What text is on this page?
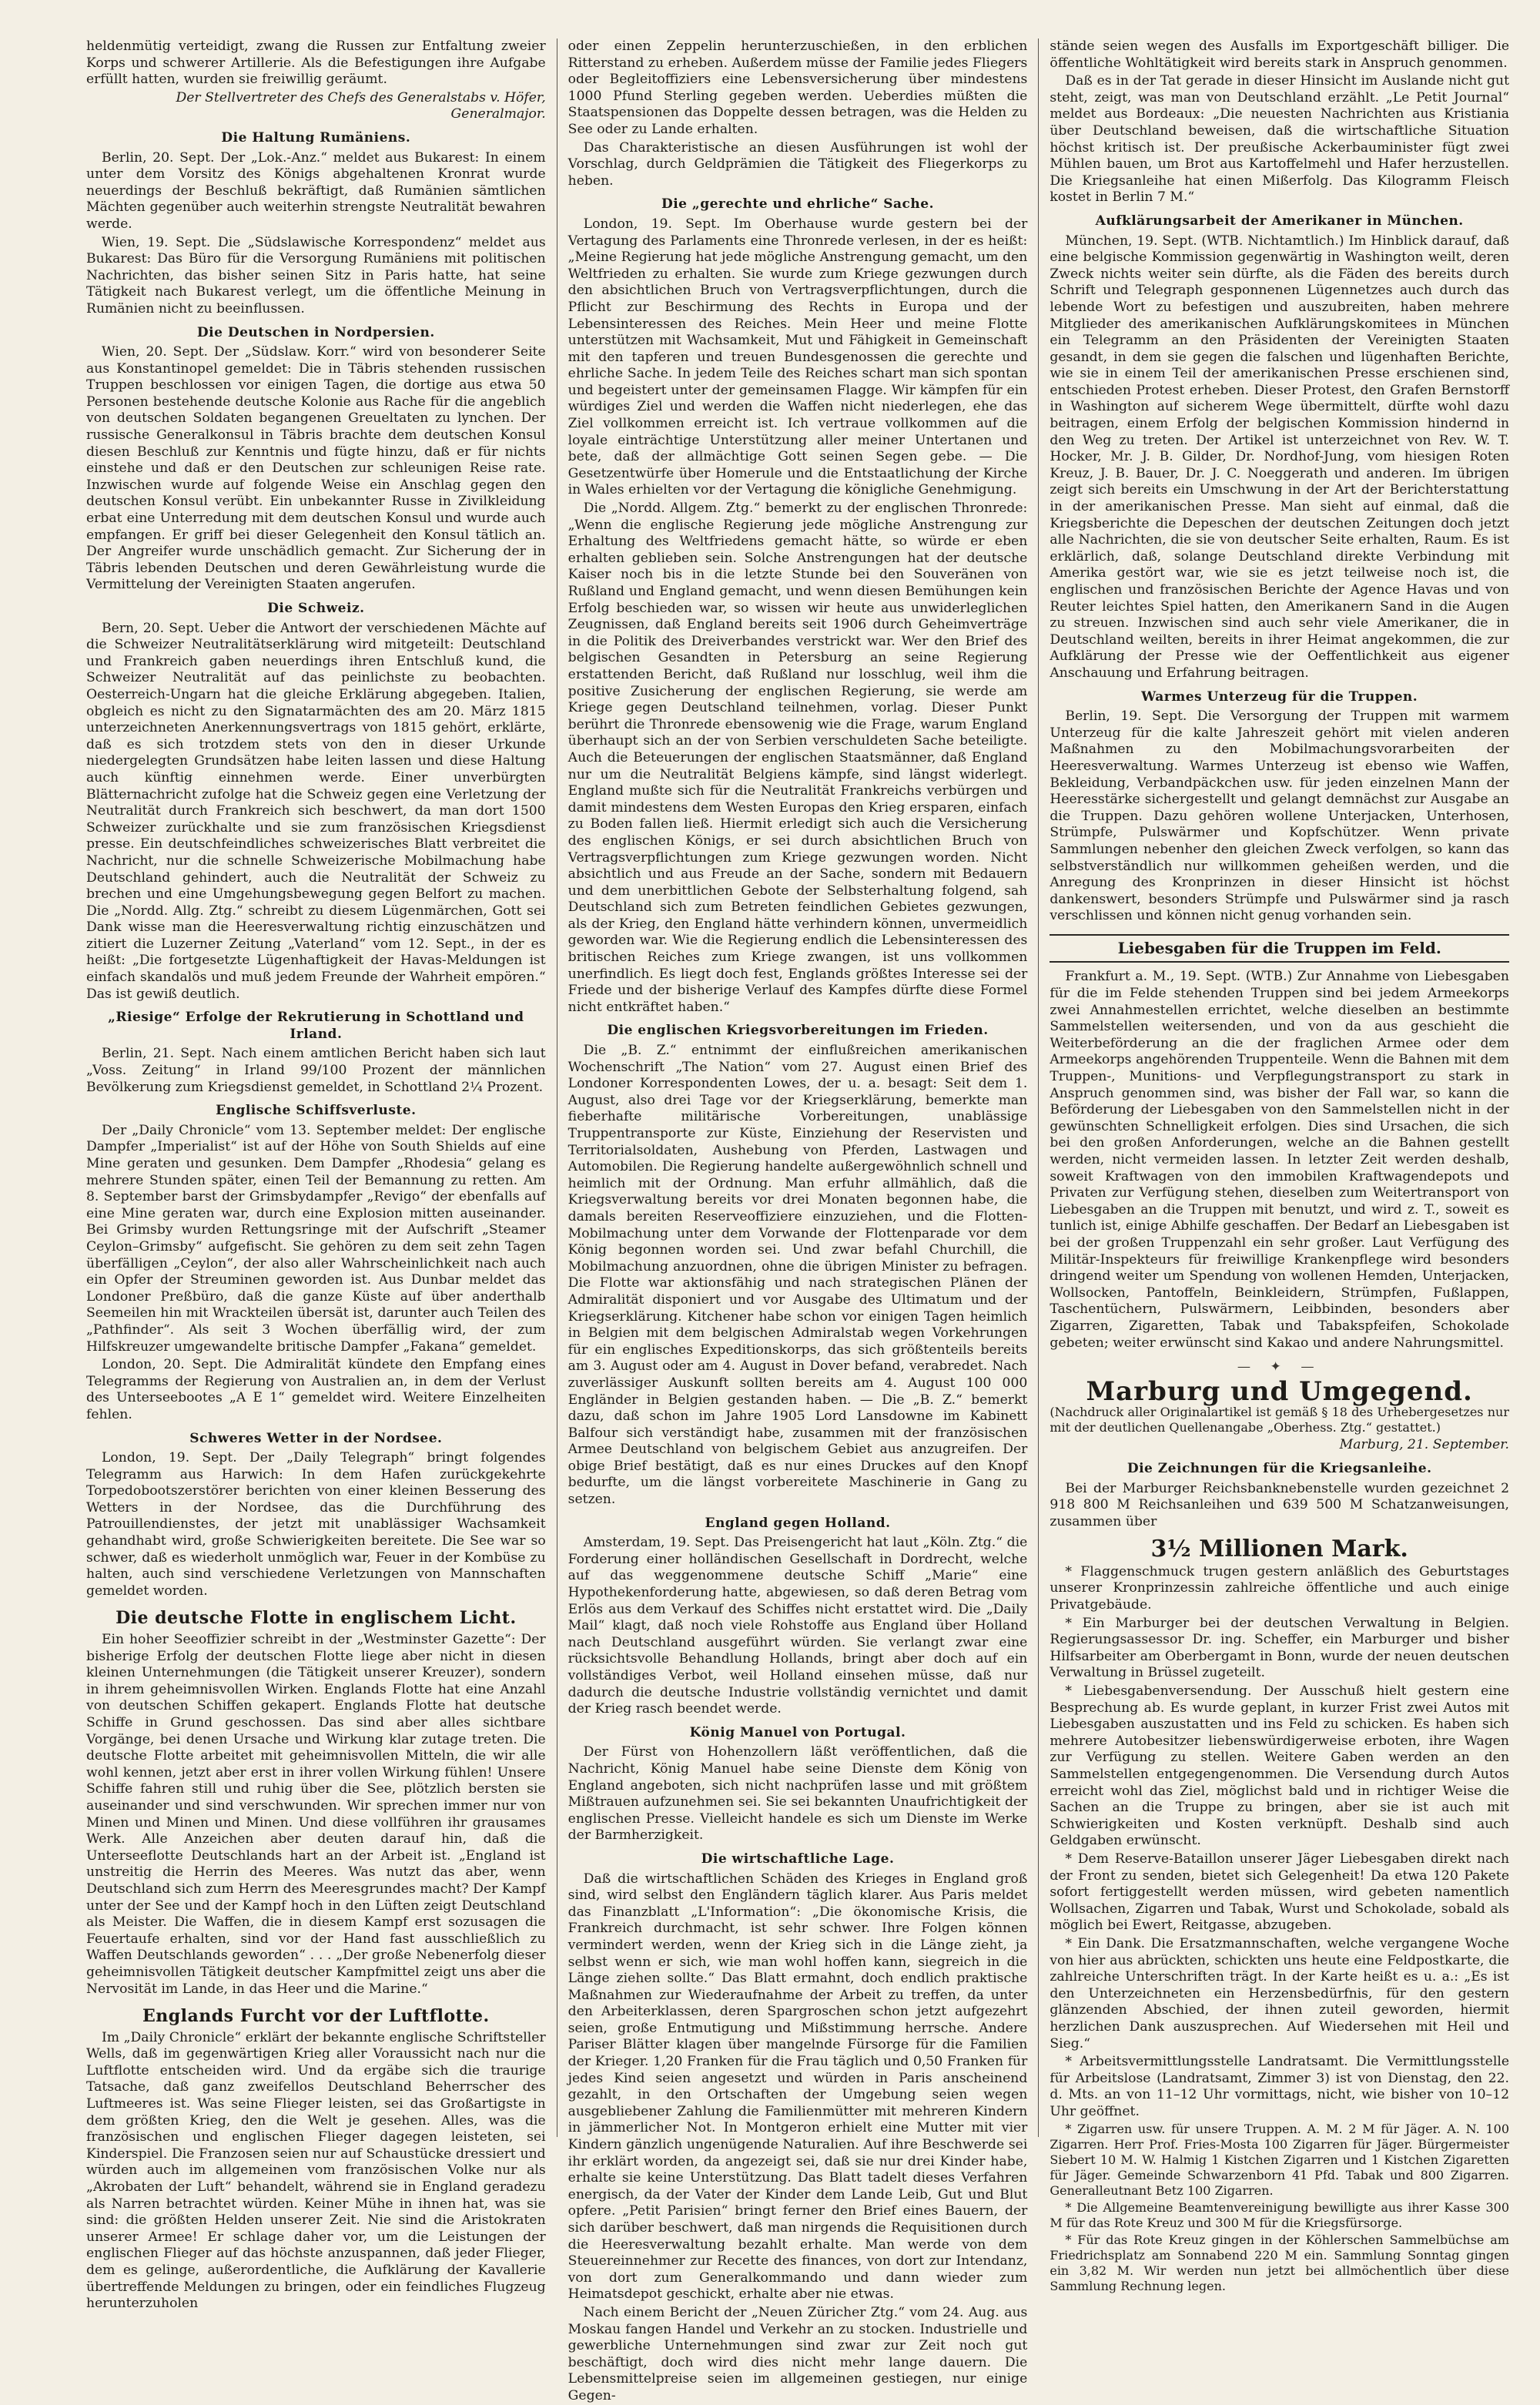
heldenmütig verteidigt, zwang die Russen zur Entfaltung zweier Korps und schwerer Artillerie. Als die Befestigungen ihre Aufgabe erfüllt hatten, wurden sie freiwillig geräumt.

Der Stellvertreter des Chefs des Generalstabs v. Höfer, Generalmajor.
Die Haltung Rumäniens.

Berlin, 20. Sept. Der „Lok.-Anz.“ meldet aus Bukarest: In einem unter dem Vorsitz des Königs abgehaltenen Kronrat wurde neuerdings der Beschluß bekräftigt, daß Rumänien sämtlichen Mächten gegenüber auch weiterhin strengste Neutralität bewahren werde.

Wien, 19. Sept. Die „Südslawische Korrespondenz“ meldet aus Bukarest: Das Büro für die Versorgung Rumäniens mit politischen Nachrichten, das bisher seinen Sitz in Paris hatte, hat seine Tätigkeit nach Bukarest verlegt, um die öffentliche Meinung in Rumänien nicht zu beeinflussen.

Die Deutschen in Nordpersien.

Wien, 20. Sept. Der „Südslaw. Korr.“ wird von besonderer Seite aus Konstantinopel gemeldet: Die in Täbris stehenden russischen Truppen beschlossen vor einigen Tagen, die dortige aus etwa 50 Personen bestehende deutsche Kolonie aus Rache für die angeblich von deutschen Soldaten begangenen Greueltaten zu lynchen. Der russische Generalkonsul in Täbris brachte dem deutschen Konsul diesen Beschluß zur Kenntnis und fügte hinzu, daß er für nichts einstehe und daß er den Deutschen zur schleunigen Reise rate. Inzwischen wurde auf folgende Weise ein Anschlag gegen den deutschen Konsul verübt. Ein unbekannter Russe in Zivilkleidung erbat eine Unterredung mit dem deutschen Konsul und wurde auch empfangen. Er griff bei dieser Gelegenheit den Konsul tätlich an. Der Angreifer wurde unschädlich gemacht. Zur Sicherung der in Täbris lebenden Deutschen und deren Gewährleistung wurde die Vermittelung der Vereinigten Staaten angerufen.

Die Schweiz.

Bern, 20. Sept. Ueber die Antwort der verschiedenen Mächte auf die Schweizer Neutralitätserklärung wird mitgeteilt: Deutschland und Frankreich gaben neuerdings ihren Entschluß kund, die Schweizer Neutralität auf das peinlichste zu beobachten. Oesterreich-Ungarn hat die gleiche Erklärung abgegeben. Italien, obgleich es nicht zu den Signatarmächten des am 20. März 1815 unterzeichneten Anerkennungsvertrags von 1815 gehört, erklärte, daß es sich trotzdem stets von den in dieser Urkunde niedergelegten Grundsätzen habe leiten lassen und diese Haltung auch künftig einnehmen werde. Einer unverbürgten Blätternachricht zufolge hat die Schweiz gegen eine Verletzung der Neutralität durch Frankreich sich beschwert, da man dort 1500 Schweizer zurückhalte und sie zum französischen Kriegsdienst presse. Ein deutschfeindliches schweizerisches Blatt verbreitet die Nachricht, nur die schnelle Schweizerische Mobilmachung habe Deutschland gehindert, auch die Neutralität der Schweiz zu brechen und eine Umgehungsbewegung gegen Belfort zu machen. Die „Nordd. Allg. Ztg.“ schreibt zu diesem Lügenmärchen, Gott sei Dank wisse man die Heeresverwaltung richtig einzuschätzen und zitiert die Luzerner Zeitung „Vaterland“ vom 12. Sept., in der es heißt: „Die fortgesetzte Lügenhaftigkeit der Havas-Meldungen ist einfach skandalös und muß jedem Freunde der Wahrheit empören.“ Das ist gewiß deutlich.

„Riesige“ Erfolge der Rekrutierung in Schottland und Irland.

Berlin, 21. Sept. Nach einem amtlichen Bericht haben sich laut „Voss. Zeitung“ in Irland 99/100 Prozent der männlichen Bevölkerung zum Kriegsdienst gemeldet, in Schottland 2¼ Prozent.

Englische Schiffsverluste.

Der „Daily Chronicle“ vom 13. September meldet: Der englische Dampfer „Imperialist“ ist auf der Höhe von South Shields auf eine Mine geraten und gesunken. Dem Dampfer „Rhodesia“ gelang es mehrere Stunden später, einen Teil der Bemannung zu retten. Am 8. September barst der Grimsbydampfer „Revigo“ der ebenfalls auf eine Mine geraten war, durch eine Explosion mitten auseinander. Bei Grimsby wurden Rettungsringe mit der Aufschrift „Steamer Ceylon–Grimsby“ aufgefischt. Sie gehören zu dem seit zehn Tagen überfälligen „Ceylon“, der also aller Wahrscheinlichkeit nach auch ein Opfer der Streuminen geworden ist. Aus Dunbar meldet das Londoner Preßbüro, daß die ganze Küste auf über anderthalb Seemeilen hin mit Wrackteilen übersät ist, darunter auch Teilen des „Pathfinder“. Als seit 3 Wochen überfällig wird, der zum Hilfskreuzer umgewandelte britische Dampfer „Fakana“ gemeldet.

London, 20. Sept. Die Admiralität kündete den Empfang eines Telegramms der Regierung von Australien an, in dem der Verlust des Unterseebootes „A E 1“ gemeldet wird. Weitere Einzelheiten fehlen.

Schweres Wetter in der Nordsee.

London, 19. Sept. Der „Daily Telegraph“ bringt folgendes Telegramm aus Harwich: In dem Hafen zurückgekehrte Torpedobootszerstörer berichten von einer kleinen Besserung des Wetters in der Nordsee, das die Durchführung des Patrouillendienstes, der jetzt mit unablässiger Wachsamkeit gehandhabt wird, große Schwierigkeiten bereitete. Die See war so schwer, daß es wiederholt unmöglich war, Feuer in der Kombüse zu halten, auch sind verschiedene Verletzungen von Mannschaften gemeldet worden.

Die deutsche Flotte in englischem Licht.

Ein hoher Seeoffizier schreibt in der „Westminster Gazette“: Der bisherige Erfolg der deutschen Flotte liege aber nicht in diesen kleinen Unternehmungen (die Tätigkeit unserer Kreuzer), sondern in ihrem geheimnisvollen Wirken. Englands Flotte hat eine Anzahl von deutschen Schiffen gekapert. Englands Flotte hat deutsche Schiffe in Grund geschossen. Das sind aber alles sichtbare Vorgänge, bei denen Ursache und Wirkung klar zutage treten. Die deutsche Flotte arbeitet mit geheimnisvollen Mitteln, die wir alle wohl kennen, jetzt aber erst in ihrer vollen Wirkung fühlen! Unsere Schiffe fahren still und ruhig über die See, plötzlich bersten sie auseinander und sind verschwunden. Wir sprechen immer nur von Minen und Minen und Minen. Und diese vollführen ihr grausames Werk. Alle Anzeichen aber deuten darauf hin, daß die Unterseeflotte Deutschlands hart an der Arbeit ist. „England ist unstreitig die Herrin des Meeres. Was nutzt das aber, wenn Deutschland sich zum Herrn des Meeresgrundes macht? Der Kampf unter der See und der Kampf hoch in den Lüften zeigt Deutschland als Meister. Die Waffen, die in diesem Kampf erst sozusagen die Feuertaufe erhalten, sind vor der Hand fast ausschließlich zu Waffen Deutschlands geworden“ . . . „Der große Nebenerfolg dieser geheimnisvollen Tätigkeit deutscher Kampfmittel zeigt uns aber die Nervosität im Lande, in das Heer und die Marine.“

Englands Furcht vor der Luftflotte.

Im „Daily Chronicle“ erklärt der bekannte englische Schriftsteller Wells, daß im gegenwärtigen Krieg aller Voraussicht nach nur die Luftflotte entscheiden wird. Und da ergäbe sich die traurige Tatsache, daß ganz zweifellos Deutschland Beherrscher des Luftmeeres ist. Was seine Flieger leisten, sei das Großartigste in dem größten Krieg, den die Welt je gesehen. Alles, was die französischen und englischen Flieger dagegen leisteten, sei Kinderspiel. Die Franzosen seien nur auf Schaustücke dressiert und würden auch im allgemeinen vom französischen Volke nur als „Akrobaten der Luft“ behandelt, während sie in England geradezu als Narren betrachtet würden. Keiner Mühe in ihnen hat, was sie sind: die größten Helden unserer Zeit. Nie sind die Aristokraten unserer Armee! Er schlage daher vor, um die Leistungen der englischen Flieger auf das höchste anzuspannen, daß jeder Flieger, dem es gelinge, außerordentliche, die Aufklärung der Kavallerie übertreffende Meldungen zu bringen, oder ein feindliches Flugzeug herunterzuholen

oder einen Zeppelin herunterzuschießen, in den erblichen Ritterstand zu erheben. Außerdem müsse der Familie jedes Fliegers oder Begleitoffiziers eine Lebensversicherung über mindestens 1000 Pfund Sterling gegeben werden. Ueberdies müßten die Staatspensionen das Doppelte dessen betragen, was die Helden zu See oder zu Lande erhalten.

Das Charakteristische an diesen Ausführungen ist wohl der Vorschlag, durch Geldprämien die Tätigkeit des Fliegerkorps zu heben.

Die „gerechte und ehrliche“ Sache.

London, 19. Sept. Im Oberhause wurde gestern bei der Vertagung des Parlaments eine Thronrede verlesen, in der es heißt: „Meine Regierung hat jede mögliche Anstrengung gemacht, um den Weltfrieden zu erhalten. Sie wurde zum Kriege gezwungen durch den absichtlichen Bruch von Vertragsverpflichtungen, durch die Pflicht zur Beschirmung des Rechts in Europa und der Lebensinteressen des Reiches. Mein Heer und meine Flotte unterstützen mit Wachsamkeit, Mut und Fähigkeit in Gemeinschaft mit den tapferen und treuen Bundesgenossen die gerechte und ehrliche Sache. In jedem Teile des Reiches schart man sich spontan und begeistert unter der gemeinsamen Flagge. Wir kämpfen für ein würdiges Ziel und werden die Waffen nicht niederlegen, ehe das Ziel vollkommen erreicht ist. Ich vertraue vollkommen auf die loyale einträchtige Unterstützung aller meiner Untertanen und bete, daß der allmächtige Gott seinen Segen gebe. — Die Gesetzentwürfe über Homerule und die Entstaatlichung der Kirche in Wales erhielten vor der Vertagung die königliche Genehmigung.

Die „Nordd. Allgem. Ztg.“ bemerkt zu der englischen Thronrede: „Wenn die englische Regierung jede mögliche Anstrengung zur Erhaltung des Weltfriedens gemacht hätte, so würde er eben erhalten geblieben sein. Solche Anstrengungen hat der deutsche Kaiser noch bis in die letzte Stunde bei den Souveränen von Rußland und England gemacht, und wenn diesen Bemühungen kein Erfolg beschieden war, so wissen wir heute aus unwiderleglichen Zeugnissen, daß England bereits seit 1906 durch Geheimverträge in die Politik des Dreiverbandes verstrickt war. Wer den Brief des belgischen Gesandten in Petersburg an seine Regierung erstattenden Bericht, daß Rußland nur losschlug, weil ihm die positive Zusicherung der englischen Regierung, sie werde am Kriege gegen Deutschland teilnehmen, vorlag. Dieser Punkt berührt die Thronrede ebensowenig wie die Frage, warum England überhaupt sich an der von Serbien verschuldeten Sache beteiligte. Auch die Beteuerungen der englischen Staatsmänner, daß England nur um die Neutralität Belgiens kämpfe, sind längst widerlegt. England mußte sich für die Neutralität Frankreichs verbürgen und damit mindestens dem Westen Europas den Krieg ersparen, einfach zu Boden fallen ließ. Hiermit erledigt sich auch die Versicherung des englischen Königs, er sei durch absichtlichen Bruch von Vertragsverpflichtungen zum Kriege gezwungen worden. Nicht absichtlich und aus Freude an der Sache, sondern mit Bedauern und dem unerbittlichen Gebote der Selbsterhaltung folgend, sah Deutschland sich zum Betreten feindlichen Gebietes gezwungen, als der Krieg, den England hätte verhindern können, unvermeidlich geworden war. Wie die Regierung endlich die Lebensinteressen des britischen Reiches zum Kriege zwangen, ist uns vollkommen unerfindlich. Es liegt doch fest, Englands größtes Interesse sei der Friede und der bisherige Verlauf des Kampfes dürfte diese Formel nicht entkräftet haben.“

Die englischen Kriegsvorbereitungen im Frieden.

Die „B. Z.“ entnimmt der einflußreichen amerikanischen Wochenschrift „The Nation“ vom 27. August einen Brief des Londoner Korrespondenten Lowes, der u. a. besagt: Seit dem 1. August, also drei Tage vor der Kriegserklärung, bemerkte man fieberhafte militärische Vorbereitungen, unablässige Truppentransporte zur Küste, Einziehung der Reservisten und Territorialsoldaten, Aushebung von Pferden, Lastwagen und Automobilen. Die Regierung handelte außergewöhnlich schnell und heimlich mit der Ordnung. Man erfuhr allmählich, daß die Kriegsverwaltung bereits vor drei Monaten begonnen habe, die damals bereiten Reserveoffiziere einzuziehen, und die Flotten-Mobilmachung unter dem Vorwande der Flottenparade vor dem König begonnen worden sei. Und zwar befahl Churchill, die Mobilmachung anzuordnen, ohne die übrigen Minister zu befragen. Die Flotte war aktionsfähig und nach strategischen Plänen der Admiralität disponiert und vor Ausgabe des Ultimatum und der Kriegserklärung. Kitchener habe schon vor einigen Tagen heimlich in Belgien mit dem belgischen Admiralstab wegen Vorkehrungen für ein englisches Expeditionskorps, das sich größtenteils bereits am 3. August oder am 4. August in Dover befand, verabredet. Nach zuverlässiger Auskunft sollten bereits am 4. August 100 000 Engländer in Belgien gestanden haben. — Die „B. Z.“ bemerkt dazu, daß schon im Jahre 1905 Lord Lansdowne im Kabinett Balfour sich verständigt habe, zusammen mit der französischen Armee Deutschland von belgischem Gebiet aus anzugreifen. Der obige Brief bestätigt, daß es nur eines Druckes auf den Knopf bedurfte, um die längst vorbereitete Maschinerie in Gang zu setzen.

England gegen Holland.

Amsterdam, 19. Sept. Das Preisengericht hat laut „Köln. Ztg.“ die Forderung einer holländischen Gesellschaft in Dordrecht, welche auf das weggenommene deutsche Schiff „Marie“ eine Hypothekenforderung hatte, abgewiesen, so daß deren Betrag vom Erlös aus dem Verkauf des Schiffes nicht erstattet wird. Die „Daily Mail“ klagt, daß noch viele Rohstoffe aus England über Holland nach Deutschland ausgeführt würden. Sie verlangt zwar eine rücksichtsvolle Behandlung Hollands, bringt aber doch auf ein vollständiges Verbot, weil Holland einsehen müsse, daß nur dadurch die deutsche Industrie vollständig vernichtet und damit der Krieg rasch beendet werde.

König Manuel von Portugal.

Der Fürst von Hohenzollern läßt veröffentlichen, daß die Nachricht, König Manuel habe seine Dienste dem König von England angeboten, sich nicht nachprüfen lasse und mit größtem Mißtrauen aufzunehmen sei. Sie sei bekannten Unaufrichtigkeit der englischen Presse. Vielleicht handele es sich um Dienste im Werke der Barmherzigkeit.

Die wirtschaftliche Lage.

Daß die wirtschaftlichen Schäden des Krieges in England groß sind, wird selbst den Engländern täglich klarer. Aus Paris meldet das Finanzblatt „L'Information“: „Die ökonomische Krisis, die Frankreich durchmacht, ist sehr schwer. Ihre Folgen können vermindert werden, wenn der Krieg sich in die Länge zieht, ja selbst wenn er sich, wie man wohl hoffen kann, siegreich in die Länge ziehen sollte.“ Das Blatt ermahnt, doch endlich praktische Maßnahmen zur Wiederaufnahme der Arbeit zu treffen, da unter den Arbeiterklassen, deren Spargroschen schon jetzt aufgezehrt seien, große Entmutigung und Mißstimmung herrsche. Andere Pariser Blätter klagen über mangelnde Fürsorge für die Familien der Krieger. 1,20 Franken für die Frau täglich und 0,50 Franken für jedes Kind seien angesetzt und würden in Paris anscheinend gezahlt, in den Ortschaften der Umgebung seien wegen ausgebliebener Zahlung die Familienmütter mit mehreren Kindern in jämmerlicher Not. In Montgeron erhielt eine Mutter mit vier Kindern gänzlich ungenügende Naturalien. Auf ihre Beschwerde sei ihr erklärt worden, da angezeigt sei, daß sie nur drei Kinder habe, erhalte sie keine Unterstützung. Das Blatt tadelt dieses Verfahren energisch, da der Vater der Kinder dem Lande Leib, Gut und Blut opfere. „Petit Parisien“ bringt ferner den Brief eines Bauern, der sich darüber beschwert, daß man nirgends die Requisitionen durch die Heeresverwaltung bezahlt erhalte. Man werde von dem Steuereinnehmer zur Recette des finances, von dort zur Intendanz, von dort zum Generalkommando und dann wieder zum Heimatsdepot geschickt, erhalte aber nie etwas.

Nach einem Bericht der „Neuen Züricher Ztg.“ vom 24. Aug. aus Moskau fangen Handel und Verkehr an zu stocken. Industrielle und gewerbliche Unternehmungen sind zwar zur Zeit noch gut beschäftigt, doch wird dies nicht mehr lange dauern. Die Lebensmittelpreise seien im allgemeinen gestiegen, nur einige Gegen-

stände seien wegen des Ausfalls im Exportgeschäft billiger. Die öffentliche Wohltätigkeit wird bereits stark in Anspruch genommen.

Daß es in der Tat gerade in dieser Hinsicht im Auslande nicht gut steht, zeigt, was man von Deutschland erzählt. „Le Petit Journal“ meldet aus Bordeaux: „Die neuesten Nachrichten aus Kristiania über Deutschland beweisen, daß die wirtschaftliche Situation höchst kritisch ist. Der preußische Ackerbauminister fügt zwei Mühlen bauen, um Brot aus Kartoffelmehl und Hafer herzustellen. Die Kriegsanleihe hat einen Mißerfolg. Das Kilogramm Fleisch kostet in Berlin 7 M.“

Aufklärungsarbeit der Amerikaner in München.

München, 19. Sept. (WTB. Nichtamtlich.) Im Hinblick darauf, daß eine belgische Kommission gegenwärtig in Washington weilt, deren Zweck nichts weiter sein dürfte, als die Fäden des bereits durch Schrift und Telegraph gesponnenen Lügennetzes auch durch das lebende Wort zu befestigen und auszubreiten, haben mehrere Mitglieder des amerikanischen Aufklärungskomitees in München ein Telegramm an den Präsidenten der Vereinigten Staaten gesandt, in dem sie gegen die falschen und lügenhaften Berichte, wie sie in einem Teil der amerikanischen Presse erschienen sind, entschieden Protest erheben. Dieser Protest, den Grafen Bernstorff in Washington auf sicherem Wege übermittelt, dürfte wohl dazu beitragen, einem Erfolg der belgischen Kommission hindernd in den Weg zu treten. Der Artikel ist unterzeichnet von Rev. W. T. Hocker, Mr. J. B. Gilder, Dr. Nordhof-Jung, vom hiesigen Roten Kreuz, J. B. Bauer, Dr. J. C. Noeggerath und anderen. Im übrigen zeigt sich bereits ein Umschwung in der Art der Berichterstattung in der amerikanischen Presse. Man sieht auf einmal, daß die Kriegsberichte die Depeschen der deutschen Zeitungen doch jetzt alle Nachrichten, die sie von deutscher Seite erhalten, Raum. Es ist erklärlich, daß, solange Deutschland direkte Verbindung mit Amerika gestört war, wie sie es jetzt teilweise noch ist, die englischen und französischen Berichte der Agence Havas und von Reuter leichtes Spiel hatten, den Amerikanern Sand in die Augen zu streuen. Inzwischen sind auch sehr viele Amerikaner, die in Deutschland weilten, bereits in ihrer Heimat angekommen, die zur Aufklärung der Presse wie der Oeffentlichkeit aus eigener Anschauung und Erfahrung beitragen.

Warmes Unterzeug für die Truppen.

Berlin, 19. Sept. Die Versorgung der Truppen mit warmem Unterzeug für die kalte Jahreszeit gehört mit vielen anderen Maßnahmen zu den Mobilmachungsvorarbeiten der Heeresverwaltung. Warmes Unterzeug ist ebenso wie Waffen, Bekleidung, Verbandpäckchen usw. für jeden einzelnen Mann der Heeresstärke sichergestellt und gelangt demnächst zur Ausgabe an die Truppen. Dazu gehören wollene Unterjacken, Unterhosen, Strümpfe, Pulswärmer und Kopfschützer. Wenn private Sammlungen nebenher den gleichen Zweck verfolgen, so kann das selbstverständlich nur willkommen geheißen werden, und die Anregung des Kronprinzen in dieser Hinsicht ist höchst dankenswert, besonders Strümpfe und Pulswärmer sind ja rasch verschlissen und können nicht genug vorhanden sein.

Liebesgaben für die Truppen im Feld.

Frankfurt a. M., 19. Sept. (WTB.) Zur Annahme von Liebesgaben für die im Felde stehenden Truppen sind bei jedem Armeekorps zwei Annahmestellen errichtet, welche dieselben an bestimmte Sammelstellen weitersenden, und von da aus geschieht die Weiterbeförderung an die der fraglichen Armee oder dem Armeekorps angehörenden Truppenteile. Wenn die Bahnen mit dem Truppen-, Munitions- und Verpflegungstransport zu stark in Anspruch genommen sind, was bisher der Fall war, so kann die Beförderung der Liebesgaben von den Sammelstellen nicht in der gewünschten Schnelligkeit erfolgen. Dies sind Ursachen, die sich bei den großen Anforderungen, welche an die Bahnen gestellt werden, nicht vermeiden lassen. In letzter Zeit werden deshalb, soweit Kraftwagen von den immobilen Kraftwagendepots und Privaten zur Verfügung stehen, dieselben zum Weitertransport von Liebesgaben an die Truppen mit benutzt, und wird z. T., soweit es tunlich ist, einige Abhilfe geschaffen. Der Bedarf an Liebesgaben ist bei der großen Truppenzahl ein sehr großer. Laut Verfügung des Militär-Inspekteurs für freiwillige Krankenpflege wird besonders dringend weiter um Spendung von wollenen Hemden, Unterjacken, Wollsocken, Pantoffeln, Beinkleidern, Strümpfen, Fußlappen, Taschentüchern, Pulswärmern, Leibbinden, besonders aber Zigarren, Zigaretten, Tabak und Tabakspfeifen, Schokolade gebeten; weiter erwünscht sind Kakao und andere Nahrungsmittel.

— ✦ —
Marburg und Umgegend.

(Nachdruck aller Originalartikel ist gemäß § 18 des Urhebergesetzes nur mit der deutlichen Quellenangabe „Oberhess. Ztg.“ gestattet.)

Marburg, 21. September.
Die Zeichnungen für die Kriegsanleihe.

Bei der Marburger Reichsbanknebenstelle wurden gezeichnet 2 918 800 M Reichsanleihen und 639 500 M Schatzanweisungen, zusammen über

3½ Millionen Mark.

* Flaggenschmuck trugen gestern anläßlich des Geburtstages unserer Kronprinzessin zahlreiche öffentliche und auch einige Privatgebäude.

* Ein Marburger bei der deutschen Verwaltung in Belgien. Regierungsassessor Dr. ing. Scheffer, ein Marburger und bisher Hilfsarbeiter am Oberbergamt in Bonn, wurde der neuen deutschen Verwaltung in Brüssel zugeteilt.

* Liebesgabenversendung. Der Ausschuß hielt gestern eine Besprechung ab. Es wurde geplant, in kurzer Frist zwei Autos mit Liebesgaben auszustatten und ins Feld zu schicken. Es haben sich mehrere Autobesitzer liebenswürdigerweise erboten, ihre Wagen zur Verfügung zu stellen. Weitere Gaben werden an den Sammelstellen entgegengenommen. Die Versendung durch Autos erreicht wohl das Ziel, möglichst bald und in richtiger Weise die Sachen an die Truppe zu bringen, aber sie ist auch mit Schwierigkeiten und Kosten verknüpft. Deshalb sind auch Geldgaben erwünscht.

* Dem Reserve-Bataillon unserer Jäger Liebesgaben direkt nach der Front zu senden, bietet sich Gelegenheit! Da etwa 120 Pakete sofort fertiggestellt werden müssen, wird gebeten namentlich Wollsachen, Zigarren und Tabak, Wurst und Schokolade, sobald als möglich bei Ewert, Reitgasse, abzugeben.

* Ein Dank. Die Ersatzmannschaften, welche vergangene Woche von hier aus abrückten, schickten uns heute eine Feldpostkarte, die zahlreiche Unterschriften trägt. In der Karte heißt es u. a.: „Es ist den Unterzeichneten ein Herzensbedürfnis, für den gestern glänzenden Abschied, der ihnen zuteil geworden, hiermit herzlichen Dank auszusprechen. Auf Wiedersehen mit Heil und Sieg.“

* Arbeitsvermittlungsstelle Landratsamt. Die Vermittlungsstelle für Arbeitslose (Landratsamt, Zimmer 3) ist von Dienstag, den 22. d. Mts. an von 11–12 Uhr vormittags, nicht, wie bisher von 10–12 Uhr geöffnet.

* Zigarren usw. für unsere Truppen. A. M. 2 M für Jäger. A. N. 100 Zigarren. Herr Prof. Fries-Mosta 100 Zigarren für Jäger. Bürgermeister Siebert 10 M. W. Halmig 1 Kistchen Zigarren und 1 Kistchen Zigaretten für Jäger. Gemeinde Schwarzenborn 41 Pfd. Tabak und 800 Zigarren. Generalleutnant Betz 100 Zigarren.

* Die Allgemeine Beamtenvereinigung bewilligte aus ihrer Kasse 300 M für das Rote Kreuz und 300 M für die Kriegsfürsorge.

* Für das Rote Kreuz gingen in der Köhlerschen Sammelbüchse am Friedrichsplatz am Sonnabend 220 M ein. Sammlung Sonntag gingen ein 3,82 M. Wir werden nun jetzt bei allmöchentlich über diese Sammlung Rechnung legen.
